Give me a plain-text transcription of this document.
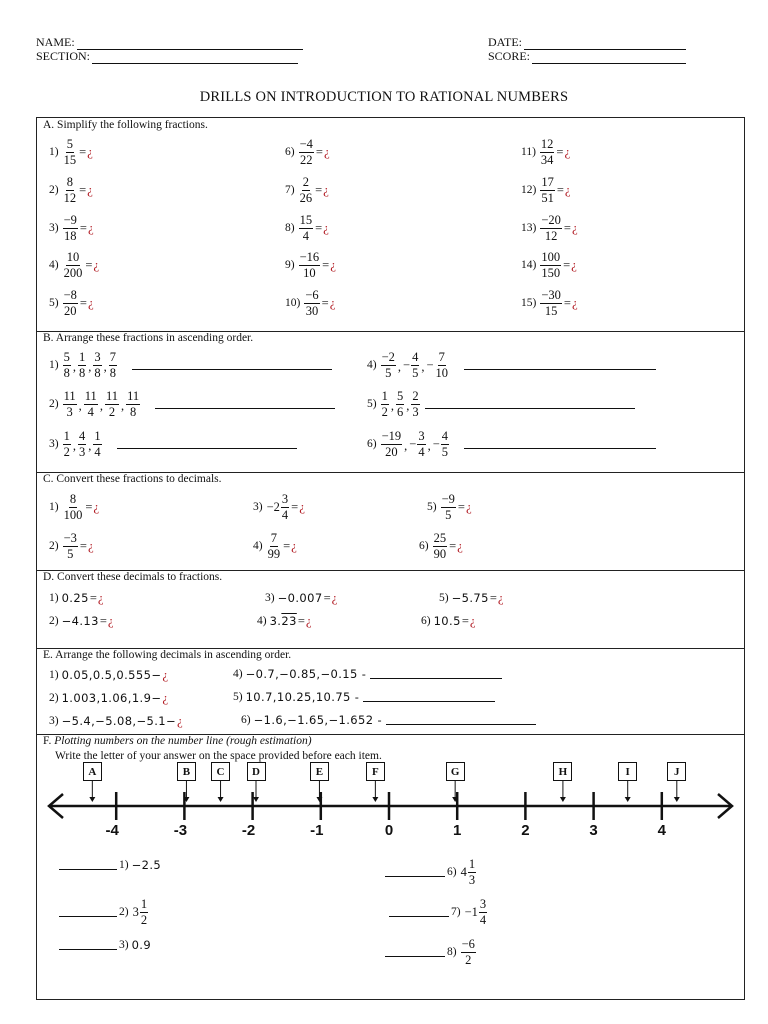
NAME:
SECTION:
DATE:
SCORE:
DRILLS ON INTRODUCTION TO RATIONAL NUMBERS
A. Simplify the following fractions.
B. Arrange these fractions in ascending order.
C. Convert these fractions to decimals.
D. Convert these decimals to fractions.
E. Arrange the following decimals in ascending order.
F. Plotting numbers on the number line (rough estimation)
Write the letter of your answer on the space provided before each item.
$1) \frac{5}{15}$ = ¿
$2) \frac{8}{12}$ = ¿
$3) \frac{-9}{18}$ = ¿
$4) \frac{10}{200}$ = ¿
$5) \frac{-8}{20}$ = ¿
$6) \frac{-4}{22}$ = ¿
$7) \frac{2}{26}$ = ¿
$8) \frac{15}{4}$ = ¿
$9) \frac{-16}{10}$ = ¿
$10) \frac{-6}{30}$ = ¿
$11) \frac{12}{34}$ = ¿
$12) \frac{17}{51}$ = ¿
$13) \frac{-20}{12}$ = ¿
$14) \frac{100}{150}$ = ¿
$15) \frac{-30}{15}$ = ¿
$1) \frac{5}{8}$ , $\frac{1}{8}$ , $\frac{3}{8}$ , $\frac{7}{8}$
$2) \frac{11}{3}$ , $\frac{11}{4}$ , $\frac{11}{2}$ , $\frac{11}{8}$
$3) \frac{1}{2}$ , $\frac{4}{3}$ , $\frac{1}{4}$
$4) \frac{-2}{5}$ , − $\frac{4}{5}$ , − $\frac{7}{10}$
$5) \frac{1}{2}$ , $\frac{5}{6}$ , $\frac{2}{3}$
$6) \frac{-19}{20}$ , − $\frac{3}{4}$ , − $\frac{4}{5}$
$1) \frac{8}{100}$ = ¿
$2) \frac{-3}{5}$ = ¿
$3) -2 \frac{3}{4}$ = ¿
$4) \frac{7}{99}$ = ¿
$5) \frac{-9}{5}$ = ¿
$6) \frac{25}{90}$ = ¿
1) 0.25 = ¿
2) −4.13 = ¿
3) −0.007 = ¿
4) 3. 23 = ¿
5) −5.75 = ¿
6) 10.5 = ¿
1) 0.05,0.5,0.555− ¿
2) 1.003,1.06,1.9− ¿
3) −5.4,−5.08,−5.1− ¿
4) −0.7,−0.85,−0.15 -
5) 10.7,10.25,10.75 -
6) −1.6,−1.65,−1.652 -
-4	-3	-2	-1	0	1	2	3	4
A	B	C	D	E	F	G	H	I	J
1) −2.5
2) $3 \frac{1}{2}$
3) 0.9
6) $4 \frac{1}{3}$
$7) -1 \frac{3}{4}$
$8) \frac{-6}{2}$
